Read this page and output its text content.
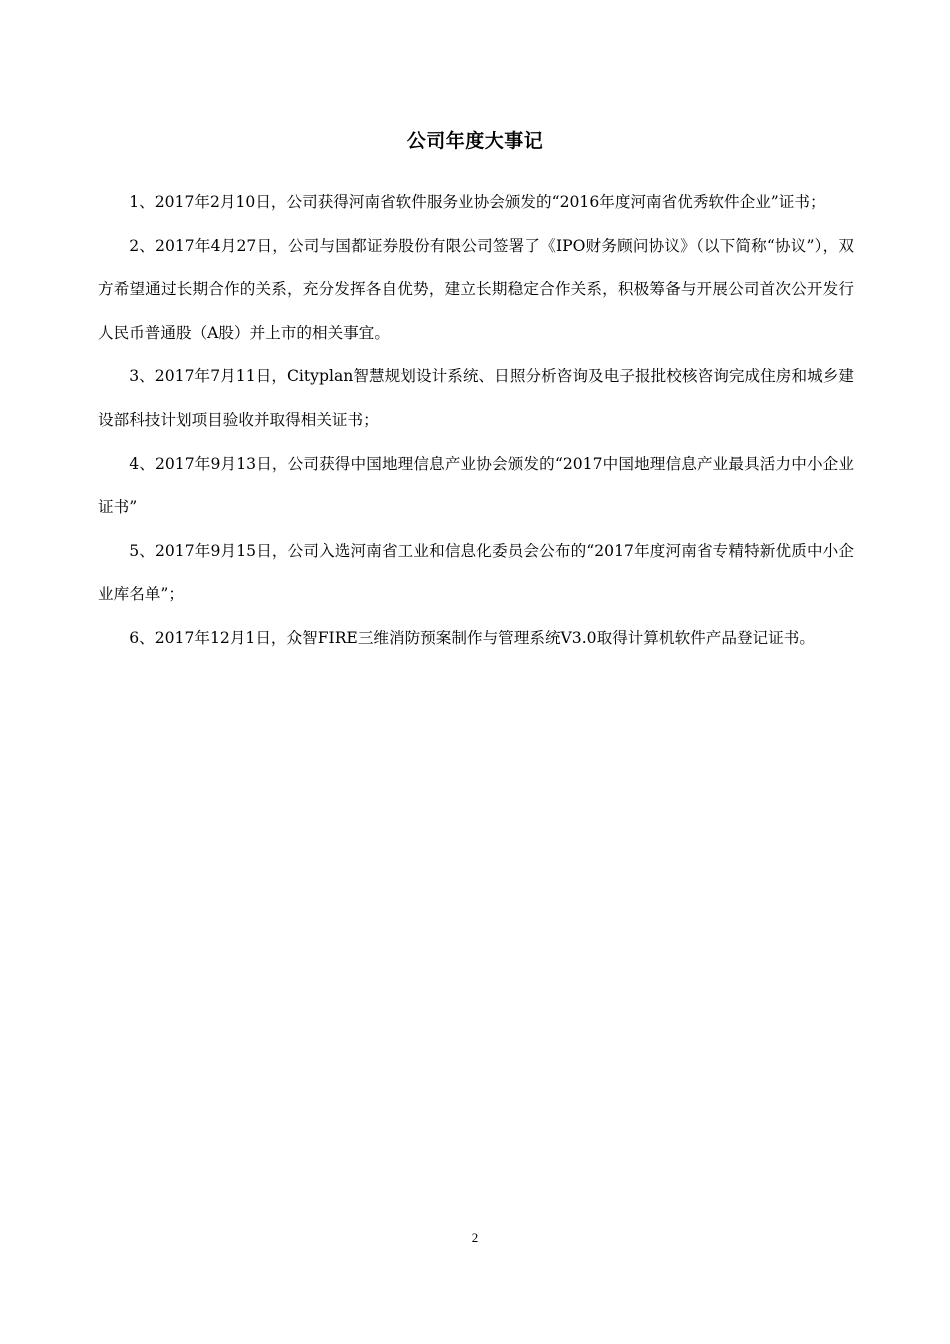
公司年度大事记

1、2017年2月10日，公司获得河南省软件服务业协会颁发的“2016年度河南省优秀软件企业”证书；

2、2017年4月27日，公司与国都证券股份有限公司签署了《IPO财务顾问协议》（以下简称“协议”），双方希望通过长期合作的关系，充分发挥各自优势，建立长期稳定合作关系，积极筹备与开展公司首次公开发行人民币普通股（A股）并上市的相关事宜。

3、2017年7月11日，Cityplan智慧规划设计系统、日照分析咨询及电子报批校核咨询完成住房和城乡建设部科技计划项目验收并取得相关证书；

4、2017年9月13日，公司获得中国地理信息产业协会颁发的“2017中国地理信息产业最具活力中小企业证书”

5、2017年9月15日，公司入选河南省工业和信息化委员会公布的“2017年度河南省专精特新优质中小企业库名单”；

6、2017年12月1日，众智FIRE三维消防预案制作与管理系统V3.0取得计算机软件产品登记证书。

2
